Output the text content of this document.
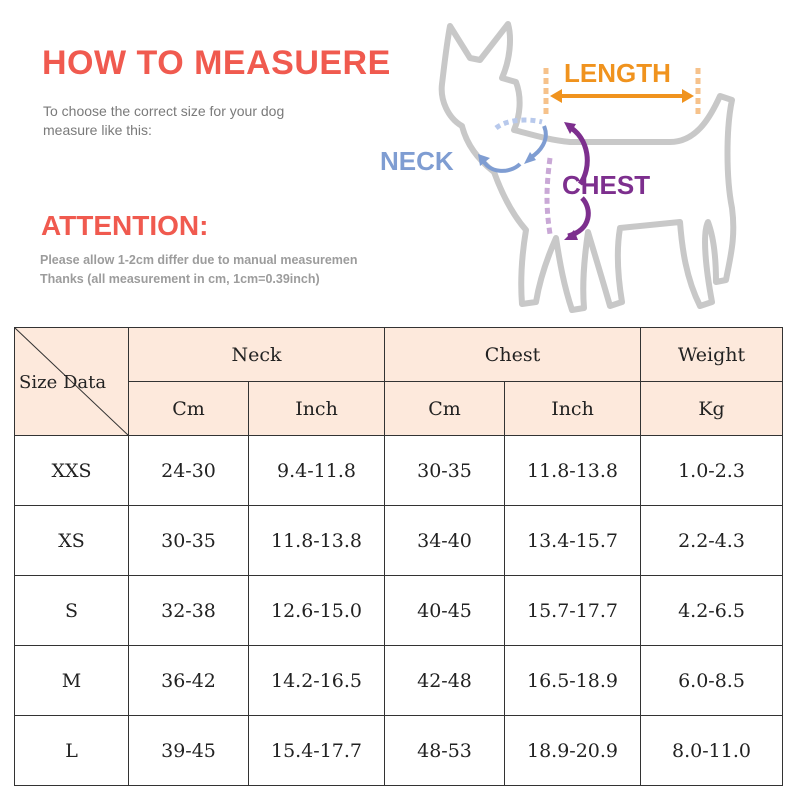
HOW TO MEASUERE
To choose the correct size for your dog
measure like this:
ATTENTION:
Please allow 1-2cm differ due to manual measuremen
Thanks (all measurement in cm, 1cm=0.39inch)
LENGTH
NECK
CHEST
Size Data	Neck		Chest		Weight
	Cm	Inch	Cm	Inch	Kg
XXS	24-30	9.4-11.8	30-35	11.8-13.8	1.0-2.3
XS	30-35	11.8-13.8	34-40	13.4-15.7	2.2-4.3
S	32-38	12.6-15.0	40-45	15.7-17.7	4.2-6.5
M	36-42	14.2-16.5	42-48	16.5-18.9	6.0-8.5
L	39-45	15.4-17.7	48-53	18.9-20.9	8.0-11.0
